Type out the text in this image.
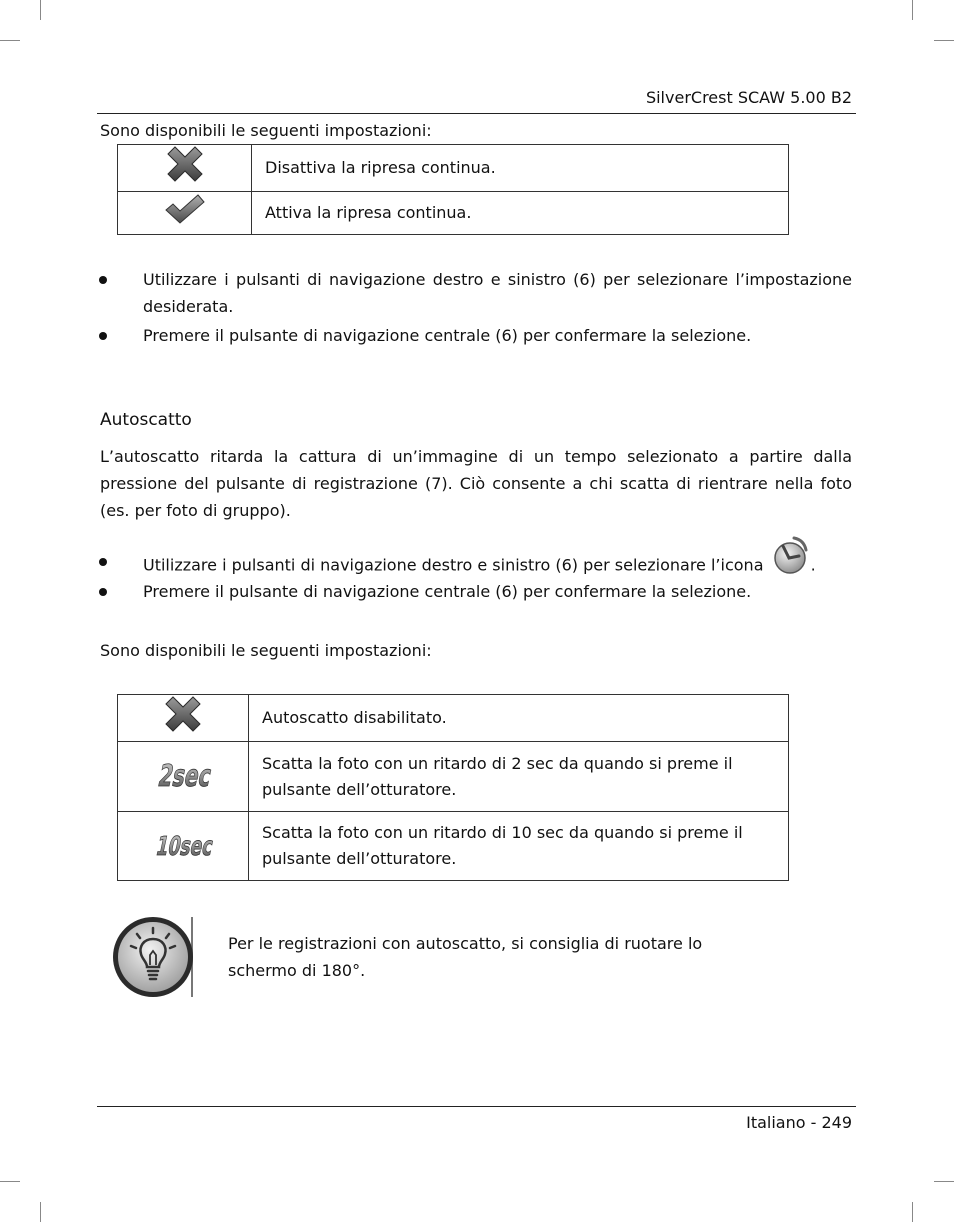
SilverCrest SCAW 5.00 B2
Sono disponibili le seguenti impostazioni:
	Disattiva la ripresa continua.
	Attiva la ripresa continua.
Utilizzare i pulsanti di navigazione destro e sinistro (6) per selezionare l’impostazione desiderata.
Premere il pulsante di navigazione centrale (6) per confermare la selezione.
Autoscatto
L’autoscatto ritarda la cattura di un’immagine di un tempo selezionato a partire dalla pressione del pulsante di registrazione (7). Ciò consente a chi scatta di rientrare nella foto (es. per foto di gruppo).
Utilizzare i pulsanti di navigazione destro e sinistro (6) per selezionare l’icona	.
Premere il pulsante di navigazione centrale (6) per confermare la selezione.
Sono disponibili le seguenti impostazioni:
	Autoscatto disabilitato.

2sec	Scatta la foto con un ritardo di 2 sec da quando si preme il pulsante dell’otturatore.

10sec	Scatta la foto con un ritardo di 10 sec da quando si preme il pulsante dell’otturatore.
Per le registrazioni con autoscatto, si consiglia di ruotare lo schermo di 180°.
Italiano - 249
